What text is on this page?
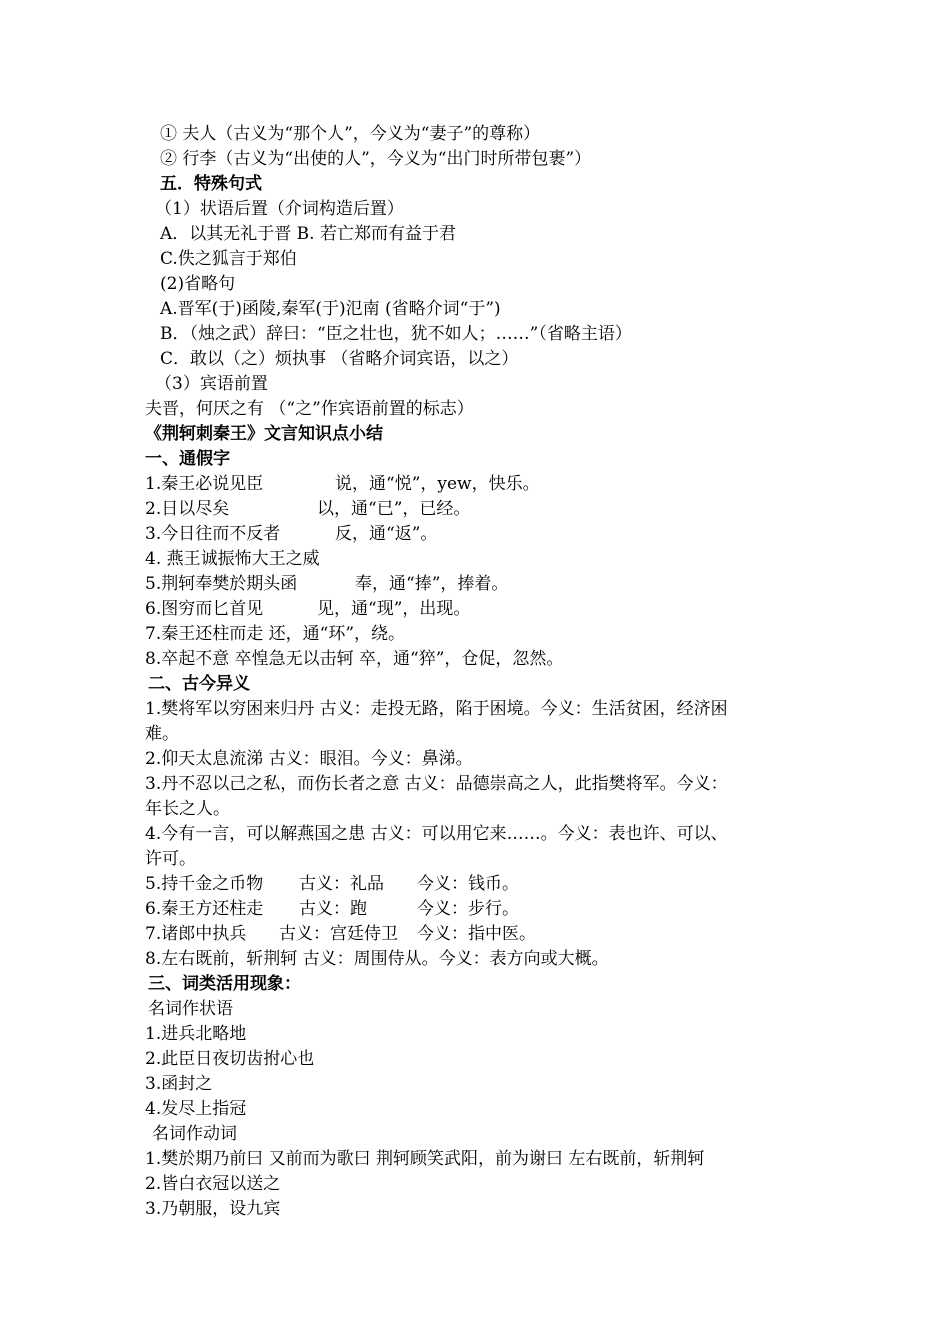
① 夫人（古义为“那个人”，今义为“妻子”的尊称）
② 行李（古义为“出使的人”，今义为“出门时所带包裹”）
五．特殊句式
（1）状语后置（介词构造后置）
A．以其无礼于晋 B. 若亡郑而有益于君
C.佚之狐言于郑伯
(2)省略句
A.晋军(于)函陵,秦军(于)氾南 (省略介词“于”)
B．（烛之武）辞曰：“臣之壮也，犹不如人；……”（省略主语）
C．敢以（之）烦执事 （省略介词宾语，以之）
（3）宾语前置
夫晋，何厌之有 （“之”作宾语前置的标志）
《荆轲刺秦王》文言知识点小结
一、通假字
1.秦王必说见臣	说，通“悦”，yew，快乐。
2.日以尽矣	以，通“已”，已经。
3.今日往而不反者	反，通“返”。
4. 燕王诚振怖大王之威
5.荆轲奉樊於期头函	奉，通“捧”，捧着。
6.图穷而匕首见	见，通“现”，出现。
7.秦王还柱而走 还，通“环”，绕。
8.卒起不意 卒惶急无以击轲 卒，通“猝”，仓促，忽然。
二、古今异义
1.樊将军以穷困来归丹 古义：走投无路，陷于困境。今义：生活贫困，经济困
难。
2.仰天太息流涕 古义：眼泪。今义：鼻涕。
3.丹不忍以己之私，而伤长者之意 古义：品德崇高之人，此指樊将军。今义：
年长之人。
4.今有一言，可以解燕国之患 古义：可以用它来……。今义：表也许、可以、
许可。
5.持千金之币物 古义：礼品 今义：钱币。
6.秦王方还柱走 古义：跑	今义：步行。
7.诸郎中执兵 古义：宫廷侍卫 今义：指中医。
8.左右既前，斩荆轲 古义：周围侍从。今义：表方向或大概。
三、词类活用现象：
名词作状语
1.进兵北略地
2.此臣日夜切齿拊心也
3.函封之
4.发尽上指冠
名词作动词
1.樊於期乃前曰 又前而为歌曰 荆轲顾笑武阳，前为谢曰 左右既前，斩荆轲
2.皆白衣冠以送之
3.乃朝服，设九宾
